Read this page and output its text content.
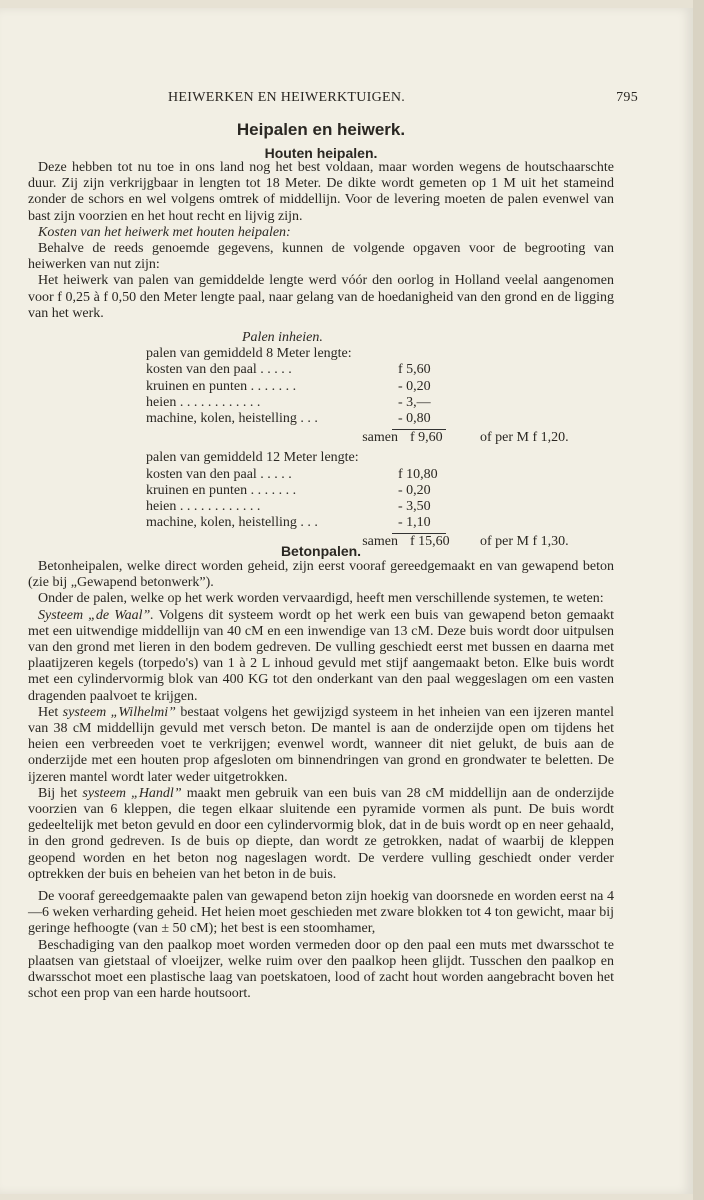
HEIWERKEN EN HEIWERKTUIGEN.	795
Heipalen en heiwerk.
Houten heipalen.

Deze hebben tot nu toe in ons land nog het best voldaan, maar worden wegens de houtschaarschte duur. Zij zijn verkrijgbaar in lengten tot 18 Meter. De dikte wordt gemeten op 1 M uit het stameind zonder de schors en wel volgens omtrek of middellijn. Voor de levering moeten de palen evenwel van bast zijn voorzien en het hout recht en lijvig zijn.

Kosten van het heiwerk met houten heipalen:

Behalve de reeds genoemde gegevens, kunnen de volgende opgaven voor de begrooting van heiwerken van nut zijn:

Het heiwerk van palen van gemiddelde lengte werd vóór den oorlog in Holland veelal aangenomen voor f 0,25 à f 0,50 den Meter lengte paal, naar gelang van de hoedanigheid van den grond en de ligging van het werk.

Palen inheien.

palen van gemiddeld 8 Meter lengte:

kosten van den paal . . . . .	f 5,60
kruinen en punten . . . . . . .	- 0,20
heien . . . . . . . . . . . .	- 3,—
machine, kolen, heistelling . . .	- 0,80
samen f 9,60	of per M f 1,20.

palen van gemiddeld 12 Meter lengte:

kosten van den paal . . . . .	f 10,80
kruinen en punten . . . . . . .	- 0,20
heien . . . . . . . . . . . .	- 3,50
machine, kolen, heistelling . . .	- 1,10
samen f 15,60	of per M f 1,30.
Betonpalen.

Betonheipalen, welke direct worden geheid, zijn eerst vooraf gereedgemaakt en van gewapend beton (zie bij „Gewapend betonwerk”).

Onder de palen, welke op het werk worden vervaardigd, heeft men verschillende systemen, te weten:

Systeem „de Waal”. Volgens dit systeem wordt op het werk een buis van gewapend beton gemaakt met een uitwendige middellijn van 40 cM en een inwendige van 13 cM. Deze buis wordt door uitpulsen van den grond met lieren in den bodem gedreven. De vulling geschiedt eerst met bussen en daarna met plaatijzeren kegels (torpedo's) van 1 à 2 L inhoud gevuld met stijf aangemaakt beton. Elke buis wordt met een cylindervormig blok van 400 KG tot den onderkant van den paal weggeslagen om een vasten dragenden paalvoet te krijgen.

Het systeem „Wilhelmi” bestaat volgens het gewijzigd systeem in het inheien van een ijzeren mantel van 38 cM middellijn gevuld met versch beton. De mantel is aan de onderzijde open om tijdens het heien een verbreeden voet te verkrijgen; evenwel wordt, wanneer dit niet gelukt, de buis aan de onderzijde met een houten prop afgesloten om binnendringen van grond en grondwater te beletten. De ijzeren mantel wordt later weder uitgetrokken.

Bij het systeem „Handl” maakt men gebruik van een buis van 28 cM middellijn aan de onderzijde voorzien van 6 kleppen, die tegen elkaar sluitende een pyramide vormen als punt. De buis wordt gedeeltelijk met beton gevuld en door een cylindervormig blok, dat in de buis wordt op en neer gehaald, in den grond gedreven. Is de buis op diepte, dan wordt ze getrokken, nadat of waarbij de kleppen geopend worden en het beton nog nageslagen wordt. De verdere vulling geschiedt onder verder optrekken der buis en beheien van het beton in de buis.

De vooraf gereedgemaakte palen van gewapend beton zijn hoekig van doorsnede en worden eerst na 4—6 weken verharding geheid. Het heien moet geschieden met zware blokken tot 4 ton gewicht, maar bij geringe hefhoogte (van ± 50 cM); het best is een stoomhamer,

Beschadiging van den paalkop moet worden vermeden door op den paal een muts met dwarsschot te plaatsen van gietstaal of vloeijzer, welke ruim over den paalkop heen glijdt. Tusschen den paalkop en dwarsschot moet een plastische laag van poetskatoen, lood of zacht hout worden aangebracht boven het schot een prop van een harde houtsoort.
